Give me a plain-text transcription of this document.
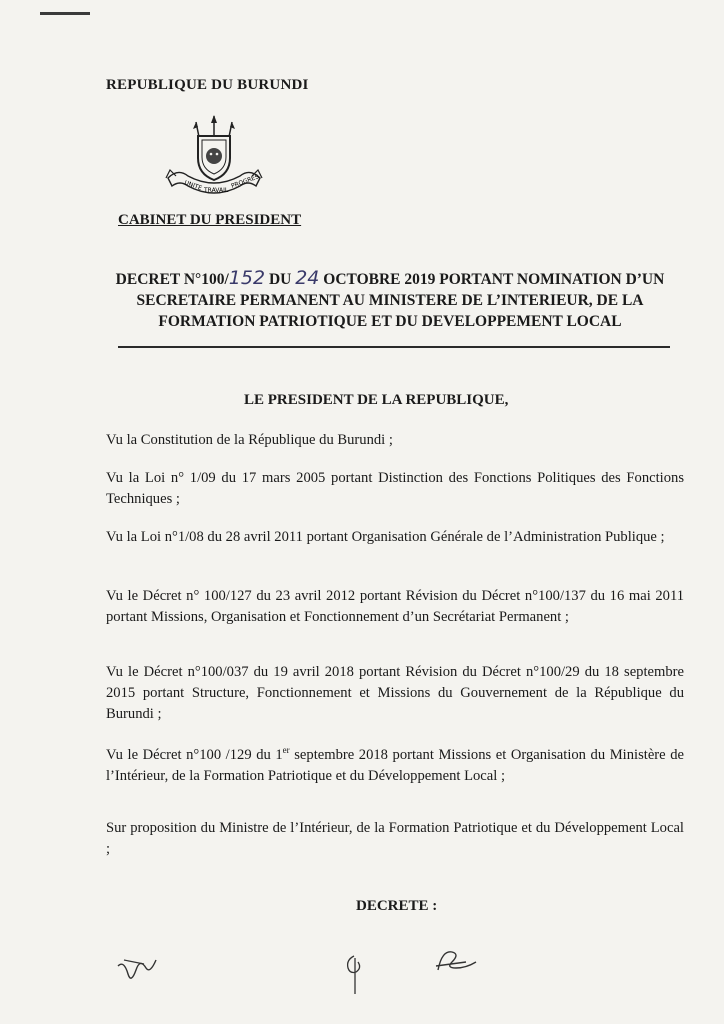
REPUBLIQUE DU BURUNDI
UNITE TRAVAIL
PROGRES
CABINET DU PRESIDENT
DECRET N°100/152 DU 24 OCTOBRE 2019 PORTANT NOMINATION D’UN SECRETAIRE PERMANENT AU MINISTERE DE L’INTERIEUR, DE LA FORMATION PATRIOTIQUE ET DU DEVELOPPEMENT LOCAL
LE PRESIDENT DE LA REPUBLIQUE,

Vu la Constitution de la République du Burundi ;

Vu la Loi n° 1/09 du 17 mars 2005 portant Distinction des Fonctions Politiques des Fonctions Techniques ;

Vu la Loi n°1/08 du 28 avril 2011 portant Organisation Générale de l’Administration Publique ;

Vu le Décret n° 100/127 du 23 avril 2012 portant Révision du Décret n°100/137 du 16 mai 2011 portant Missions, Organisation et Fonctionnement d’un Secrétariat Permanent ;

Vu le Décret n°100/037 du 19 avril 2018 portant Révision du Décret n°100/29 du 18 septembre 2015 portant Structure, Fonctionnement et Missions du Gouvernement de la République du Burundi ;

Vu le Décret n°100 /129 du 1er septembre 2018 portant Missions et Organisation du Ministère de l’Intérieur, de la Formation Patriotique et du Développement Local ;

Sur proposition du Ministre de l’Intérieur, de la Formation Patriotique et du Développement Local ;

DECRETE :
